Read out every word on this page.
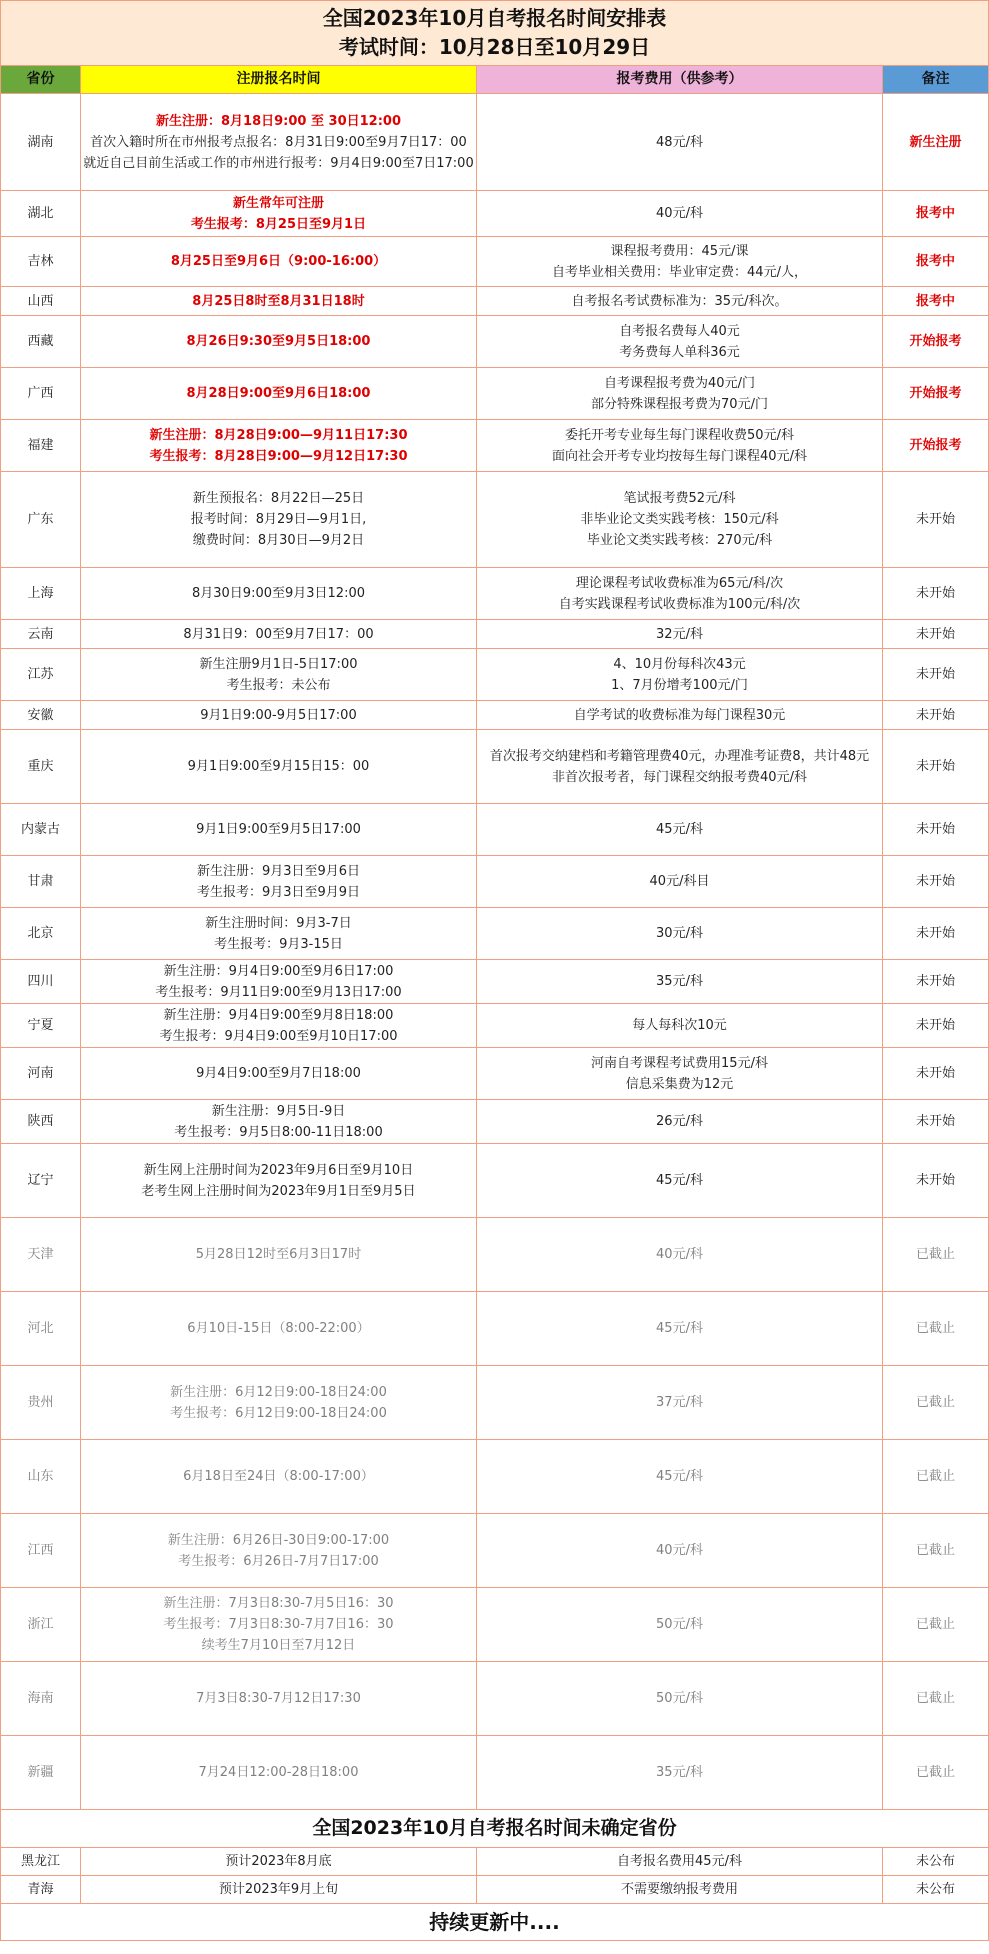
全国2023年10月自考报名时间安排表
考试时间：10月28日至10月29日			

省份	注册报名时间	报考费用（供参考）	备注
湖南	新生注册：8月18日9:00 至 30日12:00
首次入籍时所在市州报考点报名：8月31日9:00至9月7日17：00
就近自己目前生活或工作的市州进行报考：9月4日9:00至7日17:00	48元/科	新生注册
湖北	新生常年可注册
考生报考：8月25日至9月1日	40元/科	报考中
吉林	8月25日至9月6日（9:00-16:00）	课程报考费用：45元/课
自考毕业相关费用：毕业审定费：44元/人，	报考中
山西	8月25日8时至8月31日18时	自考报名考试费标准为：35元/科次。	报考中
西藏	8月26日9:30至9月5日18:00	自考报名费每人40元
考务费每人单科36元	开始报考
广西	8月28日9:00至9月6日18:00	自考课程报考费为40元/门
部分特殊课程报考费为70元/门	开始报考
福建	新生注册：8月28日9:00—9月11日17:30
考生报考：8月28日9:00—9月12日17:30	委托开考专业每生每门课程收费50元/科
面向社会开考专业均按每生每门课程40元/科	开始报考
广东	新生预报名：8月22日—25日
报考时间：8月29日—9月1日,
缴费时间：8月30日—9月2日	笔试报考费52元/科
非毕业论文类实践考核：150元/科
毕业论文类实践考核：270元/科	未开始
上海	8月30日9:00至9月3日12:00	理论课程考试收费标准为65元/科/次
自考实践课程考试收费标准为100元/科/次	未开始
云南	8月31日9：00至9月7日17：00	32元/科	未开始
江苏	新生注册9月1日-5日17:00
考生报考：未公布	4、10月份每科次43元
1、7月份增考100元/门	未开始
安徽	9月1日9:00-9月5日17:00	自学考试的收费标准为每门课程30元	未开始
重庆	9月1日9:00至9月15日15：00	首次报考交纳建档和考籍管理费40元，办理准考证费8，共计48元
非首次报考者，每门课程交纳报考费40元/科	未开始
内蒙古	9月1日9:00至9月5日17:00	45元/科	未开始
甘肃	新生注册：9月3日至9月6日
考生报考：9月3日至9月9日	40元/科目	未开始
北京	新生注册时间：9月3-7日
考生报考：9月3-15日	30元/科	未开始
四川	新生注册：9月4日9:00至9月6日17:00
考生报考：9月11日9:00至9月13日17:00	35元/科	未开始
宁夏	新生注册：9月4日9:00至9月8日18:00
考生报考：9月4日9:00至9月10日17:00	每人每科次10元	未开始
河南	9月4日9:00至9月7日18:00	河南自考课程考试费用15元/科
信息采集费为12元	未开始
陕西	新生注册：9月5日-9日
考生报考：9月5日8:00-11日18:00	26元/科	未开始
辽宁	新生网上注册时间为2023年9月6日至9月10日
老考生网上注册时间为2023年9月1日至9月5日	45元/科	未开始
天津	5月28日12时至6月3日17时	40元/科	已截止
河北	6月10日-15日（8:00-22:00）	45元/科	已截止
贵州	新生注册：6月12日9:00-18日24:00
考生报考：6月12日9:00-18日24:00	37元/科	已截止
山东	6月18日至24日（8:00-17:00）	45元/科	已截止
江西	新生注册：6月26日-30日9:00-17:00
考生报考：6月26日-7月7日17:00	40元/科	已截止
浙江	新生注册：7月3日8:30-7月5日16：30
考生报考：7月3日8:30-7月7日16：30
续考生7月10日至7月12日	50元/科	已截止
海南	7月3日8:30-7月12日17:30	50元/科	已截止
新疆	7月24日12:00-28日18:00	35元/科	已截止
全国2023年10月自考报名时间未确定省份			
黑龙江	预计2023年8月底	自考报名费用45元/科	未公布
青海	预计2023年9月上旬	不需要缴纳报考费用	未公布
持续更新中....			
